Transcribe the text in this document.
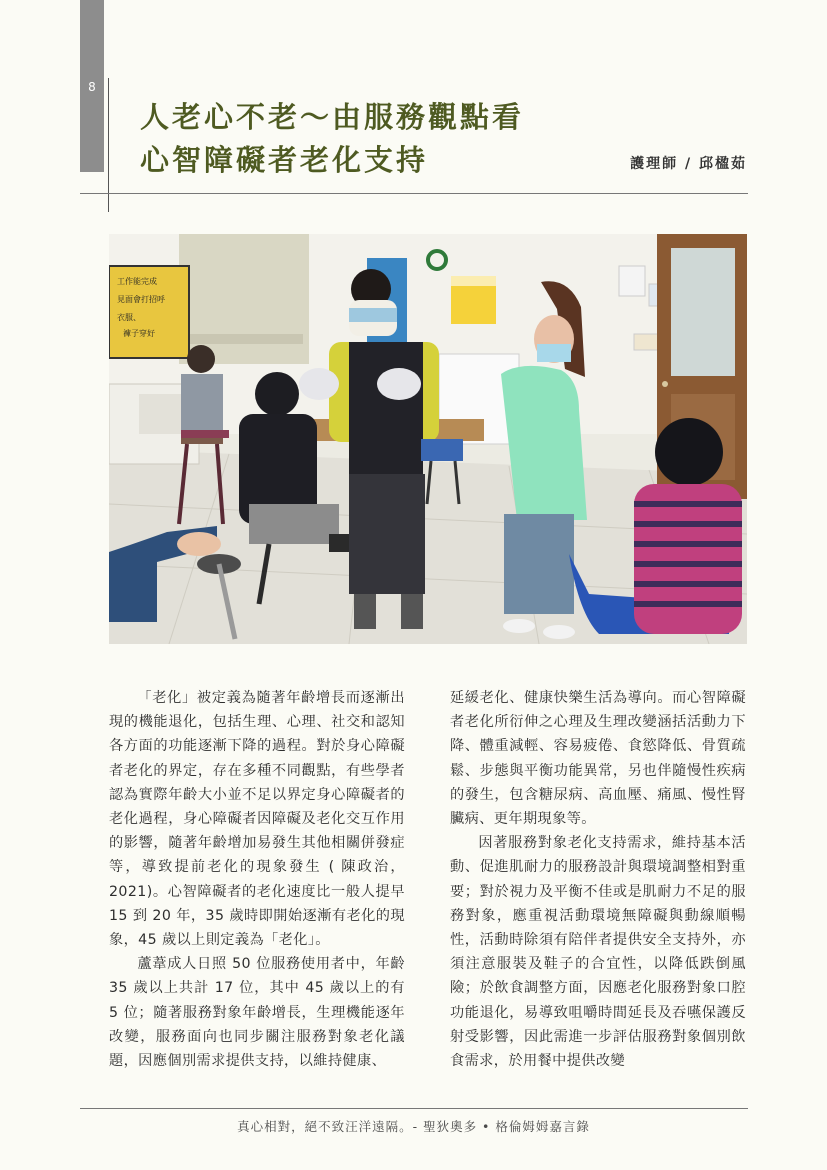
8
人老心不老～由服務觀點看
心智障礙者老化支持	護理師 / 邱楹茹
工作能完成
見面會打招呼
衣服、
褲子穿好

「老化」被定義為隨著年齡增長而逐漸出現的機能退化，包括生理、心理、社交和認知各方面的功能逐漸下降的過程。對於身心障礙者老化的界定，存在多種不同觀點，有些學者認為實際年齡大小並不足以界定身心障礙者的老化過程，身心障礙者因障礙及老化交互作用的影響，隨著年齡增加易發生其他相關併發症等，導致提前老化的現象發生 ( 陳政治，2021)。心智障礙者的老化速度比一般人提早 15 到 20 年，35 歲時即開始逐漸有老化的現象，45 歲以上則定義為「老化」。

蘆葦成人日照 50 位服務使用者中，年齡 35 歲以上共計 17 位，其中 45 歲以上的有 5 位；隨著服務對象年齡增長，生理機能逐年改變，服務面向也同步關注服務對象老化議題，因應個別需求提供支持，以維持健康、

延緩老化、健康快樂生活為導向。而心智障礙者老化所衍伸之心理及生理改變涵括活動力下降、體重減輕、容易疲倦、食慾降低、骨質疏鬆、步態與平衡功能異常，另也伴隨慢性疾病的發生，包含糖尿病、高血壓、痛風、慢性腎臟病、更年期現象等。

因著服務對象老化支持需求，維持基本活動、促進肌耐力的服務設計與環境調整相對重要；對於視力及平衡不佳或是肌耐力不足的服務對象，應重視活動環境無障礙與動線順暢性，活動時除須有陪伴者提供安全支持外，亦須注意服裝及鞋子的合宜性，以降低跌倒風險；於飲食調整方面，因應老化服務對象口腔功能退化，易導致咀嚼時間延長及吞嚥保護反射受影響，因此需進一步評估服務對象個別飲食需求，於用餐中提供改變

真心相對，絕不致汪洋遠隔。- 聖狄奧多 • 格倫姆姆嘉言錄
